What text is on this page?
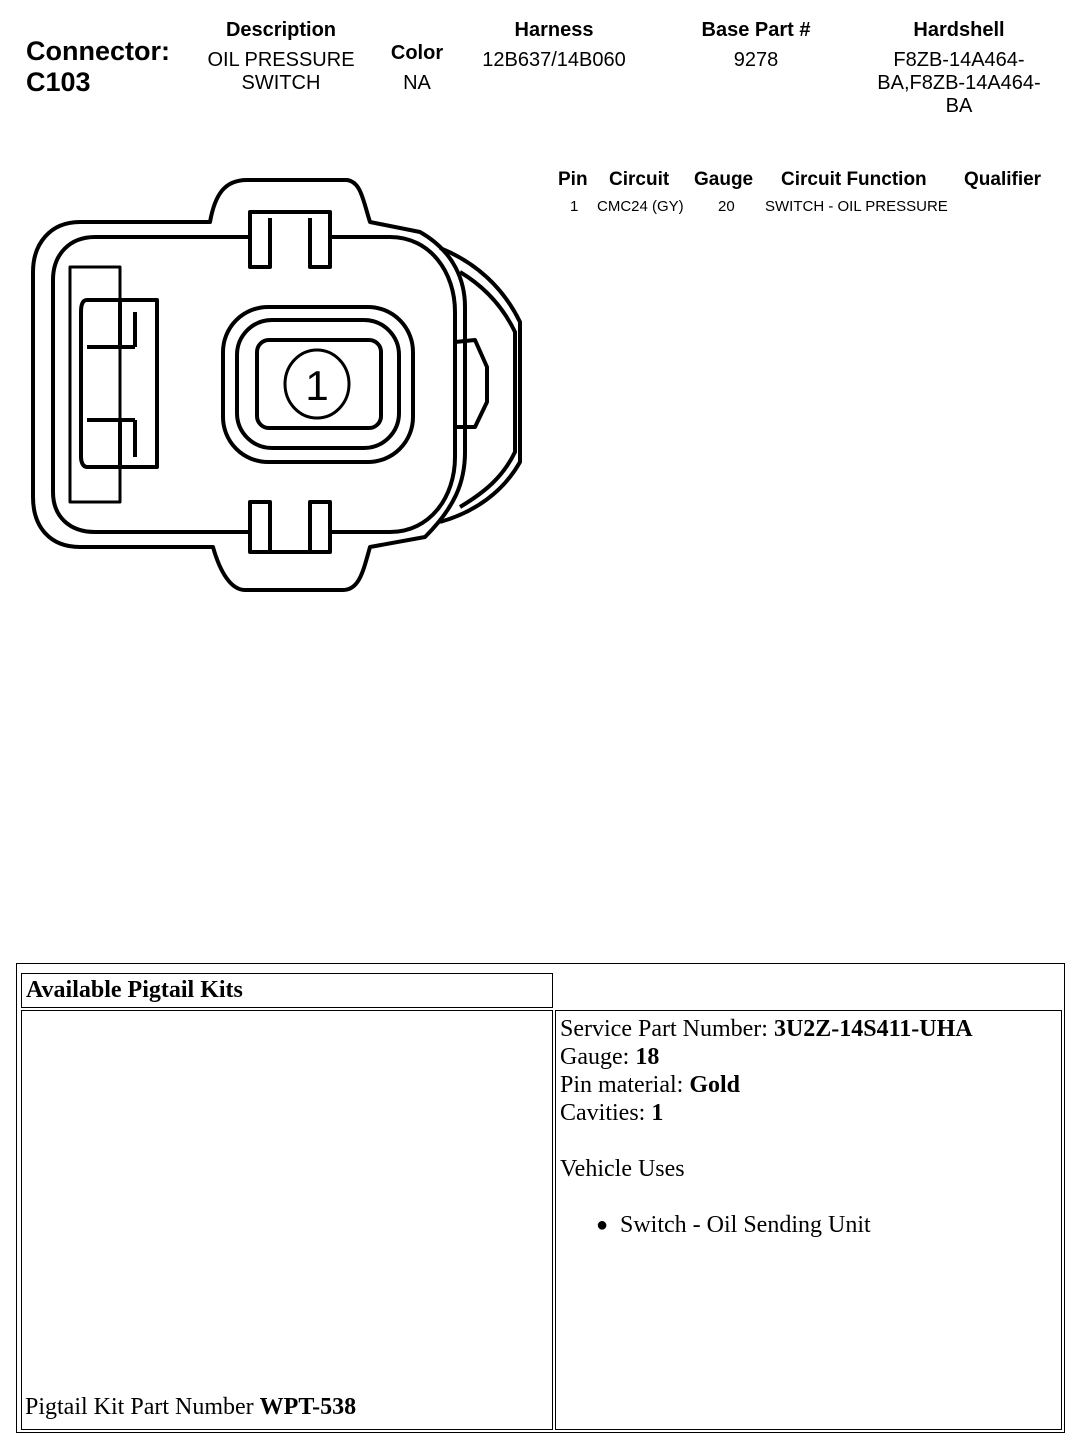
Connector:
C103
Description
OIL PRESSURE
SWITCH
Color
NA
Harness
12B637/14B060
Base Part #
9278
Hardshell
F8ZB-14A464-
BA,F8ZB-14A464-
BA
Pin Circuit Gauge Circuit Function Qualifier
1 CMC24 (GY) 20 SWITCH - OIL PRESSURE
1
Available Pigtail Kits
Pigtail Kit Part Number WPT-538

Service Part Number: 3U2Z-14S411-UHA

Gauge: 18

Pin material: Gold

Cavities: 1

Vehicle Uses

● Switch - Oil Sending Unit
